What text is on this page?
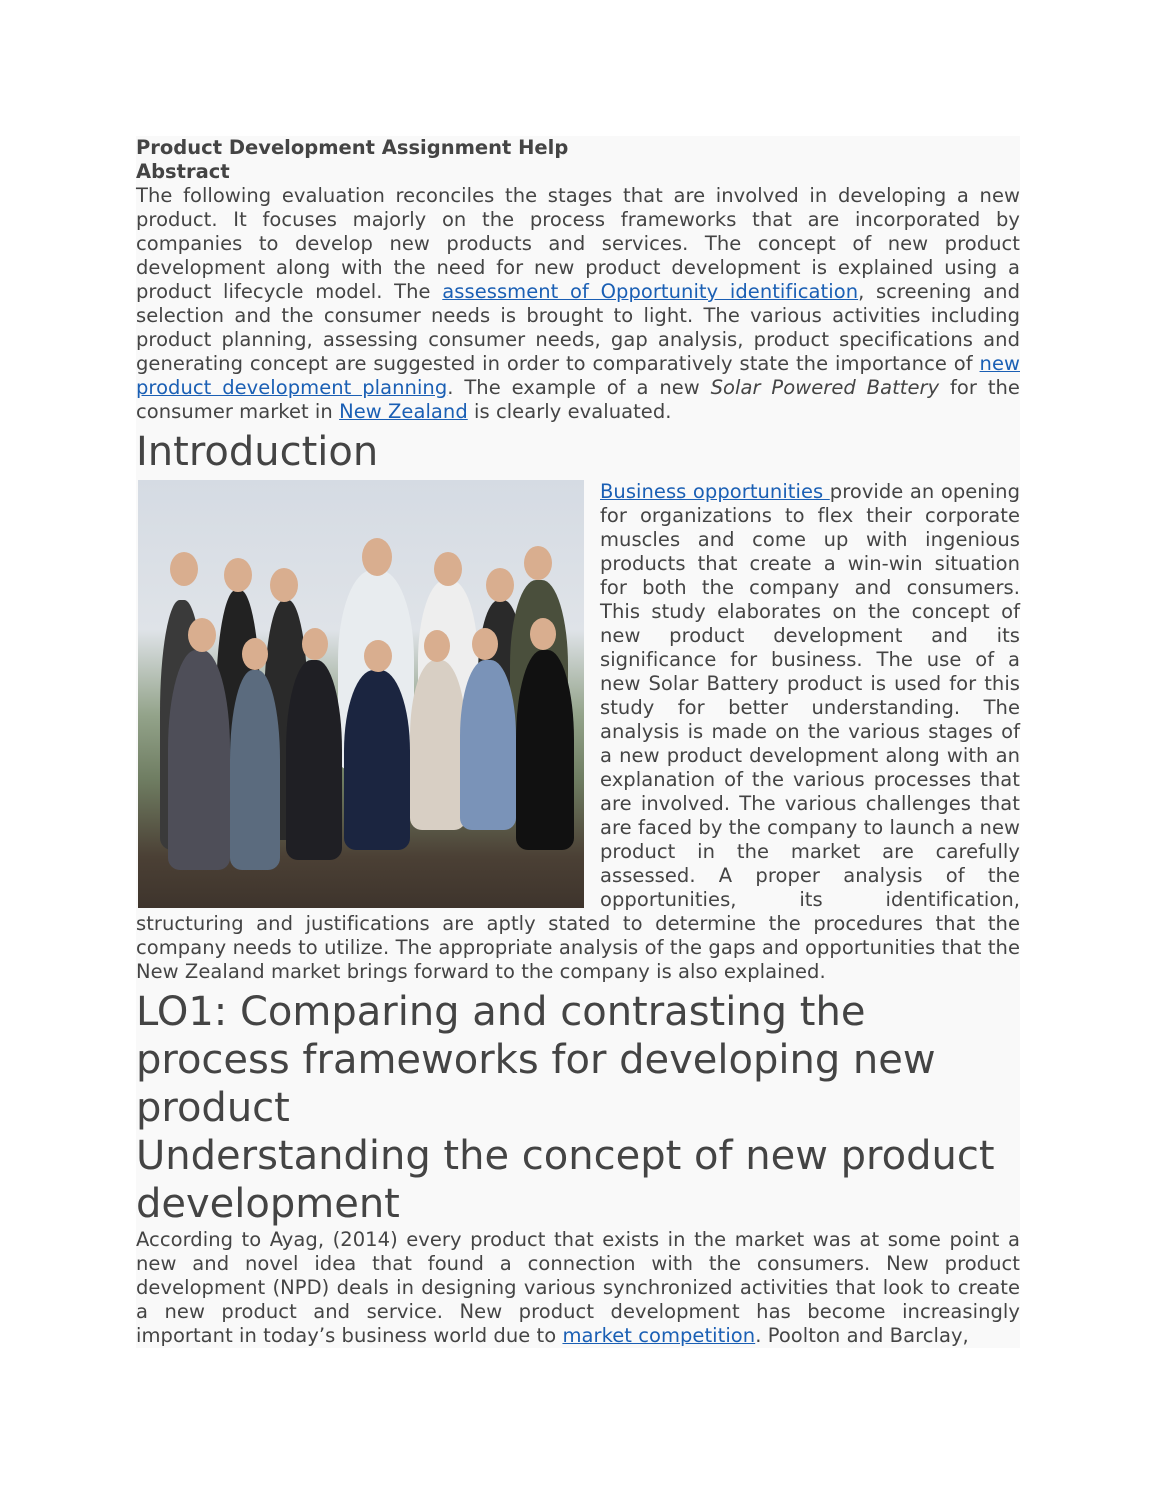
Product Development Assignment Help
Abstract

The following evaluation reconciles the stages that are involved in developing a new product. It focuses majorly on the process frameworks that are incorporated by companies to develop new products and services. The concept of new product development along with the need for new product development is explained using a product lifecycle model. The assessment of Opportunity identification, screening and selection and the consumer needs is brought to light. The various activities including product planning, assessing consumer needs, gap analysis, product specifications and generating concept are suggested in order to comparatively state the importance of new product development planning. The example of a new Solar Powered Battery for the consumer market in New Zealand is clearly evaluated.

Introduction

Business opportunities provide an opening for organizations to flex their corporate muscles and come up with ingenious products that create a win-win situation for both the company and consumers. This study elaborates on the concept of new product development and its significance for business. The use of a new Solar Battery product is used for this study for better understanding. The analysis is made on the various stages of a new product development along with an explanation of the various processes that are involved. The various challenges that are faced by the company to launch a new product in the market are carefully assessed. A proper analysis of the opportunities, its identification, structuring and justifications are aptly stated to determine the procedures that the company needs to utilize. The appropriate analysis of the gaps and opportunities that the New Zealand market brings forward to the company is also explained.

LO1: Comparing and contrasting the process frameworks for developing new product
Understanding the concept of new product development

According to Ayag, (2014) every product that exists in the market was at some point a new and novel idea that found a connection with the consumers. New product development (NPD) deals in designing various synchronized activities that look to create a new product and service. New product development has become increasingly important in today’s business world due to market competition. Poolton and Barclay,
